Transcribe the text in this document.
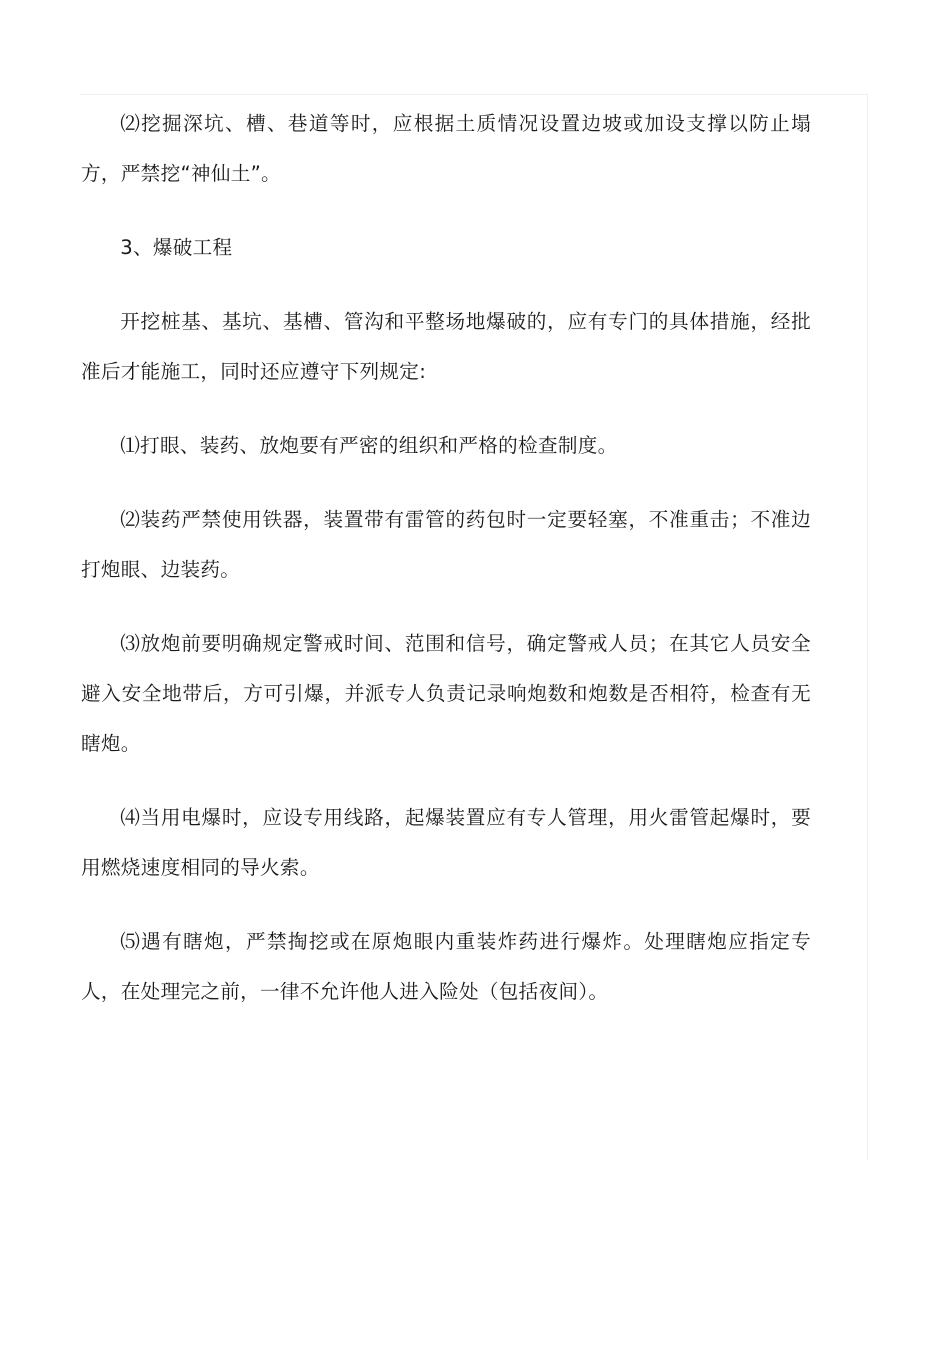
⑵挖掘深坑、槽、巷道等时，应根据土质情况设置边坡或加设支撑以防止塌方，严禁挖“神仙土”。

3、爆破工程

开挖桩基、基坑、基槽、管沟和平整场地爆破的，应有专门的具体措施，经批准后才能施工，同时还应遵守下列规定:

⑴打眼、装药、放炮要有严密的组织和严格的检查制度。

⑵装药严禁使用铁器，装置带有雷管的药包时一定要轻塞，不准重击；不准边打炮眼、边装药。

⑶放炮前要明确规定警戒时间、范围和信号，确定警戒人员；在其它人员安全避入安全地带后，方可引爆，并派专人负责记录响炮数和炮数是否相符，检查有无瞎炮。

⑷当用电爆时，应设专用线路，起爆装置应有专人管理，用火雷管起爆时，要用燃烧速度相同的导火索。

⑸遇有瞎炮，严禁掏挖或在原炮眼内重装炸药进行爆炸。处理瞎炮应指定专人，在处理完之前，一律不允许他人进入险处（包括夜间）。
